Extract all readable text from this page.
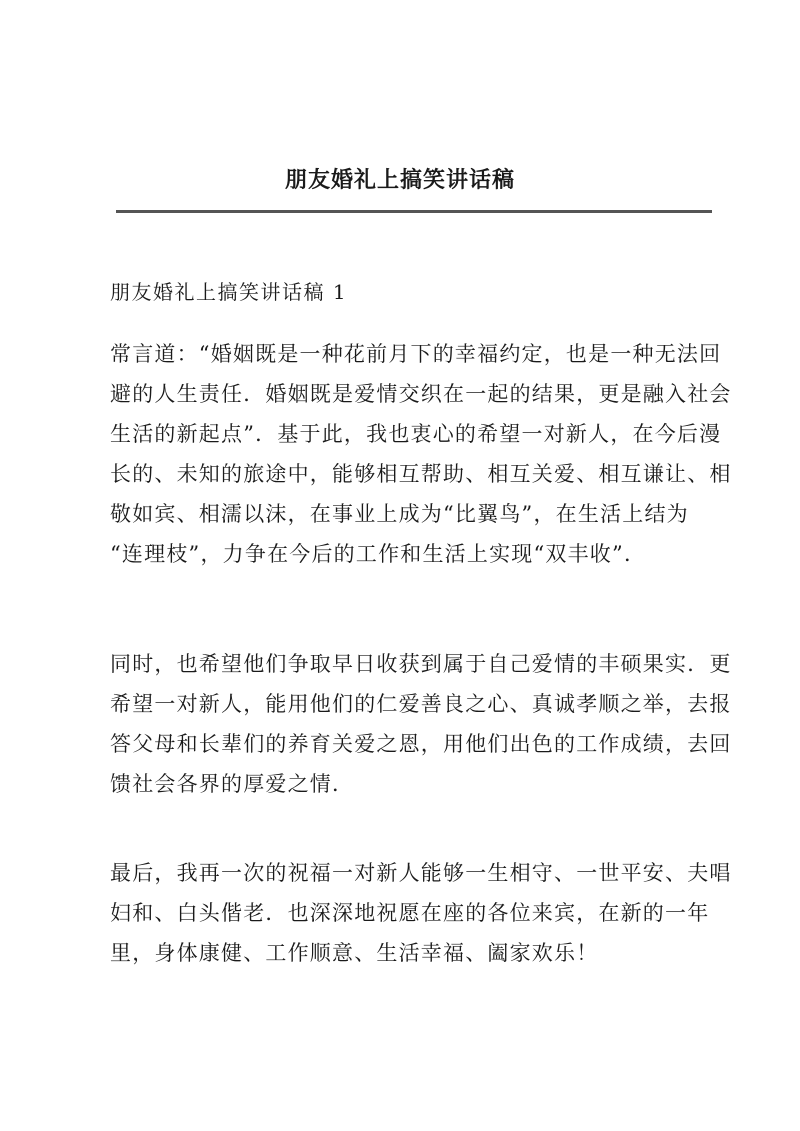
朋友婚礼上搞笑讲话稿
朋友婚礼上搞笑讲话稿 1

常言道：“婚姻既是一种花前月下的幸福约定，也是一种无法回
避的人生责任．婚姻既是爱情交织在一起的结果，更是融入社会
生活的新起点”．基于此，我也衷心的希望一对新人，在今后漫
长的、未知的旅途中，能够相互帮助、相互关爱、相互谦让、相
敬如宾、相濡以沫，在事业上成为“比翼鸟”，在生活上结为
“连理枝”，力争在今后的工作和生活上实现“双丰收”．

同时，也希望他们争取早日收获到属于自己爱情的丰硕果实．更
希望一对新人，能用他们的仁爱善良之心、真诚孝顺之举，去报
答父母和长辈们的养育关爱之恩，用他们出色的工作成绩，去回
馈社会各界的厚爱之情．

最后，我再一次的祝福一对新人能够一生相守、一世平安、夫唱
妇和、白头偕老．也深深地祝愿在座的各位来宾，在新的一年
里，身体康健、工作顺意、生活幸福、阖家欢乐！
